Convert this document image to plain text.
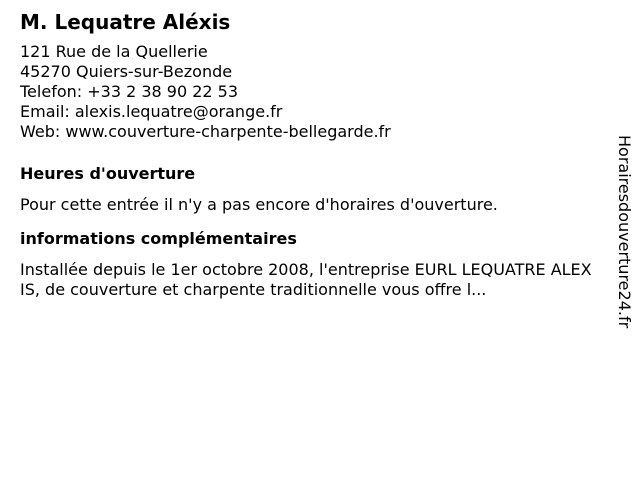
M. Lequatre Aléxis
121 Rue de la Quellerie
45270 Quiers-sur-Bezonde
Telefon: +33 2 38 90 22 53
Email: alexis.lequatre@orange.fr
Web: www.couverture-charpente-bellegarde.fr
Heures d'ouverture
Pour cette entrée il n'y a pas encore d'horaires d'ouverture.
informations complémentaires
Installée depuis le 1er octobre 2008, l'entreprise EURL LEQUATRE ALEXIS, de couverture et charpente traditionnelle vous offre l...	Horairesdouverture24.fr
